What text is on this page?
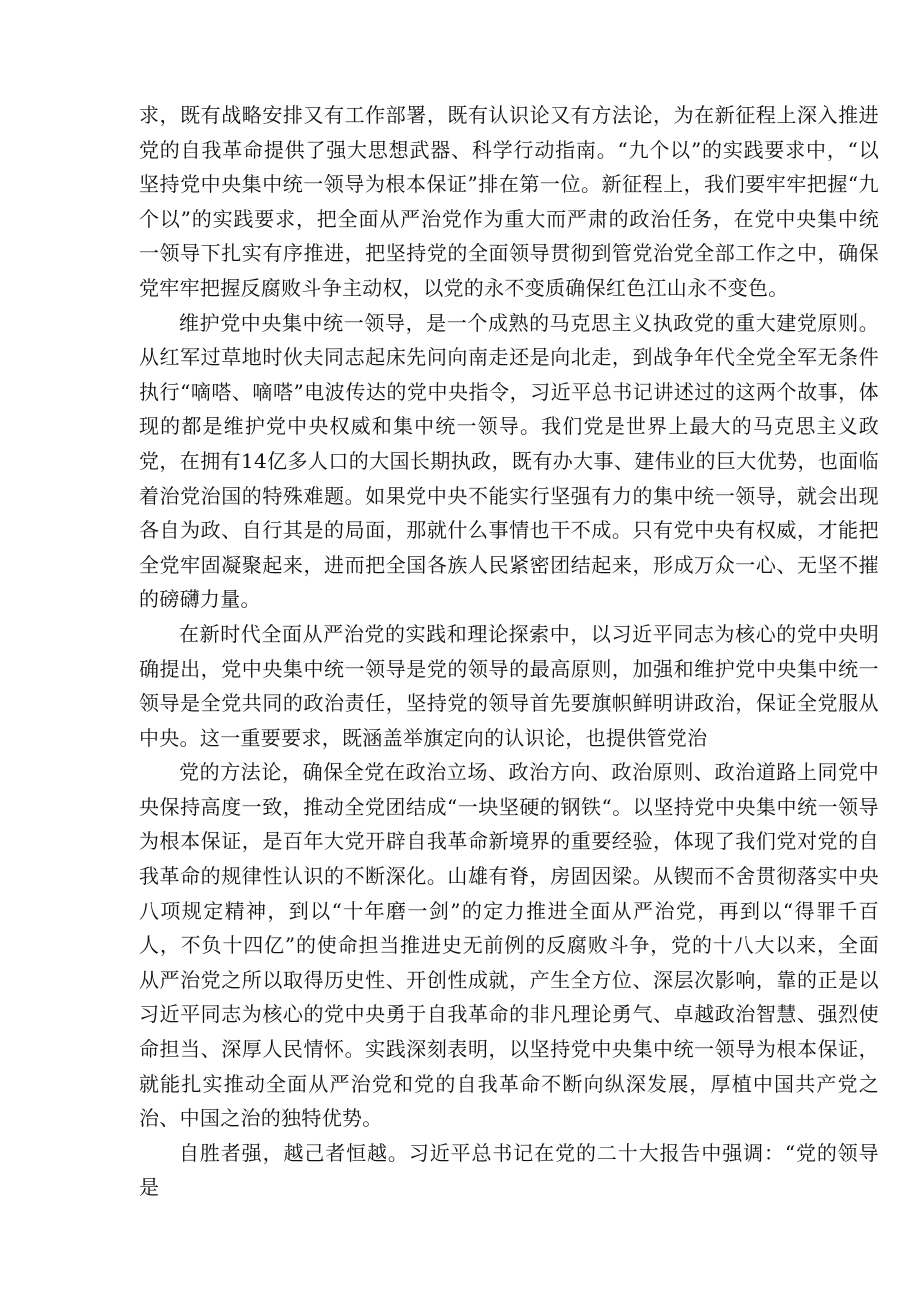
求，既有战略安排又有工作部署，既有认识论又有方法论，为在新征程上深入推进党的自我革命提供了强大思想武器、科学行动指南。“九个以”的实践要求中，“以坚持党中央集中统一领导为根本保证”排在第一位。新征程上，我们要牢牢把握“九个以”的实践要求，把全面从严治党作为重大而严肃的政治任务，在党中央集中统一领导下扎实有序推进，把坚持党的全面领导贯彻到管党治党全部工作之中，确保党牢牢把握反腐败斗争主动权，以党的永不变质确保红色江山永不变色。

维护党中央集中统一领导，是一个成熟的马克思主义执政党的重大建党原则。从红军过草地时伙夫同志起床先问向南走还是向北走，到战争年代全党全军无条件执行“嘀嗒、嘀嗒”电波传达的党中央指令，习近平总书记讲述过的这两个故事，体现的都是维护党中央权威和集中统一领导。我们党是世界上最大的马克思主义政党，在拥有14亿多人口的大国长期执政，既有办大事、建伟业的巨大优势，也面临着治党治国的特殊难题。如果党中央不能实行坚强有力的集中统一领导，就会出现各自为政、自行其是的局面，那就什么事情也干不成。只有党中央有权威，才能把全党牢固凝聚起来，进而把全国各族人民紧密团结起来，形成万众一心、无坚不摧的磅礴力量。

在新时代全面从严治党的实践和理论探索中，以习近平同志为核心的党中央明确提出，党中央集中统一领导是党的领导的最高原则，加强和维护党中央集中统一领导是全党共同的政治责任，坚持党的领导首先要旗帜鲜明讲政治，保证全党服从中央。这一重要要求，既涵盖举旗定向的认识论，也提供管党治

党的方法论，确保全党在政治立场、政治方向、政治原则、政治道路上同党中央保持高度一致，推动全党团结成“一块坚硬的钢铁“。以坚持党中央集中统一领导为根本保证，是百年大党开辟自我革命新境界的重要经验，体现了我们党对党的自我革命的规律性认识的不断深化。山雄有脊，房固因梁。从锲而不舍贯彻落实中央八项规定精神，到以“十年磨一剑”的定力推进全面从严治党，再到以“得罪千百人，不负十四亿”的使命担当推进史无前例的反腐败斗争，党的十八大以来，全面从严治党之所以取得历史性、开创性成就，产生全方位、深层次影响，靠的正是以习近平同志为核心的党中央勇于自我革命的非凡理论勇气、卓越政治智慧、强烈使命担当、深厚人民情怀。实践深刻表明，以坚持党中央集中统一领导为根本保证，就能扎实推动全面从严治党和党的自我革命不断向纵深发展，厚植中国共产党之治、中国之治的独特优势。

自胜者强，越己者恒越。习近平总书记在党的二十大报告中强调：“党的领导是
